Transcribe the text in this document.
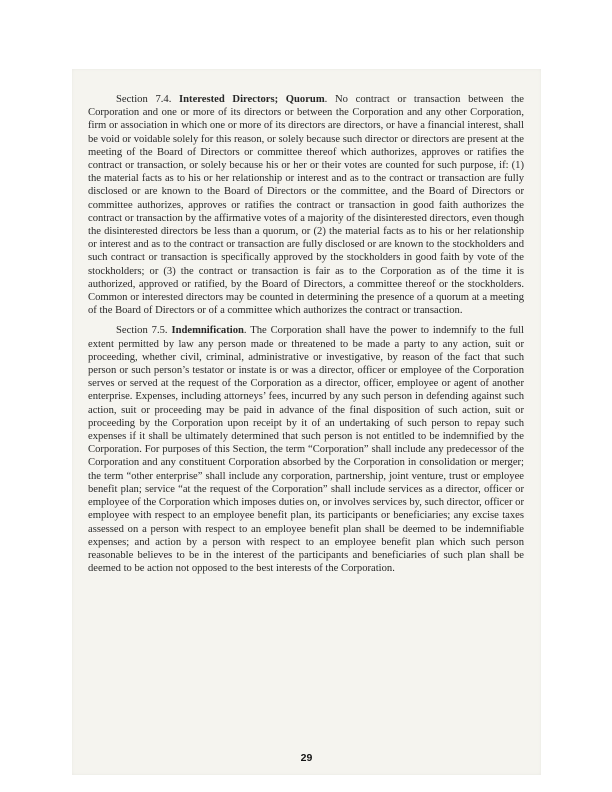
Section 7.4. Interested Directors; Quorum. No contract or transaction between the Corporation and one or more of its directors or between the Corporation and any other Corporation, firm or association in which one or more of its directors are directors, or have a financial interest, shall be void or voidable solely for this reason, or solely because such director or directors are present at the meeting of the Board of Directors or committee thereof which authorizes, approves or ratifies the contract or transaction, or solely because his or her or their votes are counted for such purpose, if: (1) the material facts as to his or her relationship or interest and as to the contract or transaction are fully disclosed or are known to the Board of Directors or the committee, and the Board of Directors or committee authorizes, approves or ratifies the contract or transaction in good faith authorizes the contract or transaction by the affirmative votes of a majority of the disinterested directors, even though the disinterested directors be less than a quorum, or (2) the material facts as to his or her relationship or interest and as to the contract or transaction are fully disclosed or are known to the stockholders and such contract or transaction is specifically approved by the stockholders in good faith by vote of the stockholders; or (3) the contract or transaction is fair as to the Corporation as of the time it is authorized, approved or ratified, by the Board of Directors, a committee thereof or the stockholders. Common or interested directors may be counted in determining the presence of a quorum at a meeting of the Board of Directors or of a committee which authorizes the contract or transaction.

Section 7.5. Indemnification. The Corporation shall have the power to indemnify to the full extent permitted by law any person made or threatened to be made a party to any action, suit or proceeding, whether civil, criminal, administrative or investigative, by reason of the fact that such person or such person’s testator or instate is or was a director, officer or employee of the Corporation serves or served at the request of the Corporation as a director, officer, employee or agent of another enterprise. Expenses, including attorneys’ fees, incurred by any such person in defending against such action, suit or proceeding may be paid in advance of the final disposition of such action, suit or proceeding by the Corporation upon receipt by it of an undertaking of such person to repay such expenses if it shall be ultimately determined that such person is not entitled to be indemnified by the Corporation. For purposes of this Section, the term “Corporation” shall include any predecessor of the Corporation and any constituent Corporation absorbed by the Corporation in consolidation or merger; the term “other enterprise” shall include any corporation, partnership, joint venture, trust or employee benefit plan; service “at the request of the Corporation” shall include services as a director, officer or employee of the Corporation which imposes duties on, or involves services by, such director, officer or employee with respect to an employee benefit plan, its participants or beneficiaries; any excise taxes assessed on a person with respect to an employee benefit plan shall be deemed to be indemnifiable expenses; and action by a person with respect to an employee benefit plan which such person reasonable believes to be in the interest of the participants and beneficiaries of such plan shall be deemed to be action not opposed to the best interests of the Corporation.

29
